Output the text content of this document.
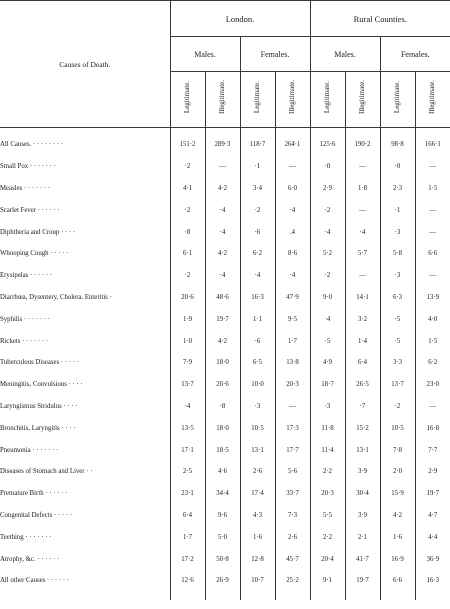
Causes of Death.	London.				Rural Counties.			
	Males.		Females.		Males.		Females.	
	Legitimate.	Illegitimate.	Legitimate.	Illegitimate.	Legitimate.	Illegitimate.	Legitimate.	Illegitimate.

All Causes. · · · · · · · ·	151·2	289·3	118·7	264·1	125·6	190·2	98·8	166·1
Small Pox · · · · · · ·	·2	—	·1	—	·0	—	·0	—
Measles · · · · · · ·	4·1	4·2	3·4	6·0	2·9	1·8	2·3	1·5
Scarlet Fever · · · · · ·	·2	·4	·2	·4	·2	—	·1	—
Diphtheria and Croup · · · ·	·8	·4	·6	.4	·4	·4	·3	—
Whooping Cough · · · · ·	6·1	4·2	6·2	8·6	5·2	5·7	5·8	6·6
Erysipelas · · · · · ·	·2	·4	·4	·4	·2	—	·3	—
Diarrhœa, Dysentery, Cholera. Enteritis ·	20·6	48·6	16·3	47·9	9·0	14·1	6·3	13·9
Syphilis · · · · · · ·	1·9	19·7	1·1	9·5	·4	3·2	·5	4·0
Rickets · · · · · · ·	1·0	4·2	·6	1·7	·5	1·4	·5	1·5
Tuberculous Diseases · · · · ·	7·9	18·0	6·5	13·8	4·9	6·4	3·3	6·2
Meningitis, Convulsions · · · ·	13·7	20·6	10·0	20·3	18·7	26·5	13·7	23·0
Laryngismus Stridulus · · · ·	·4	·8	·3	—	·3	·7	·2	—
Bronchitis, Laryngitis · · · ·	13·5	18·0	10·5	17·3	11·8	15·2	10·5	16·8
Pneumonia · · · · · · ·	17·1	18·5	13·1	17·7	11·4	13·1	7·8	7·7
Diseases of Stomach and Liver · ·	2·5	4·6	2·6	5·6	2·2	3·9	2·0	2·9
Premature Birth · · · · · ·	23·1	34·4	17·4	33·7	20·3	30·4	15·9	19·7
Congenital Defects · · · · ·	6·4	9·6	4·3	7·3	5·5	3·9	4·2	4·7
Teething · · · · · · ·	1·7	5·0	1·6	2·6	2·2	2·1	1·6	4·4
Atrophy, &c. · · · · · ·	17·2	50·8	12·8	45·7	20·4	41·7	16·9	36·9
All other Causes · · · · · ·	12·6	26·9	10·7	25·2	9·1	19·7	6·6	16·3
